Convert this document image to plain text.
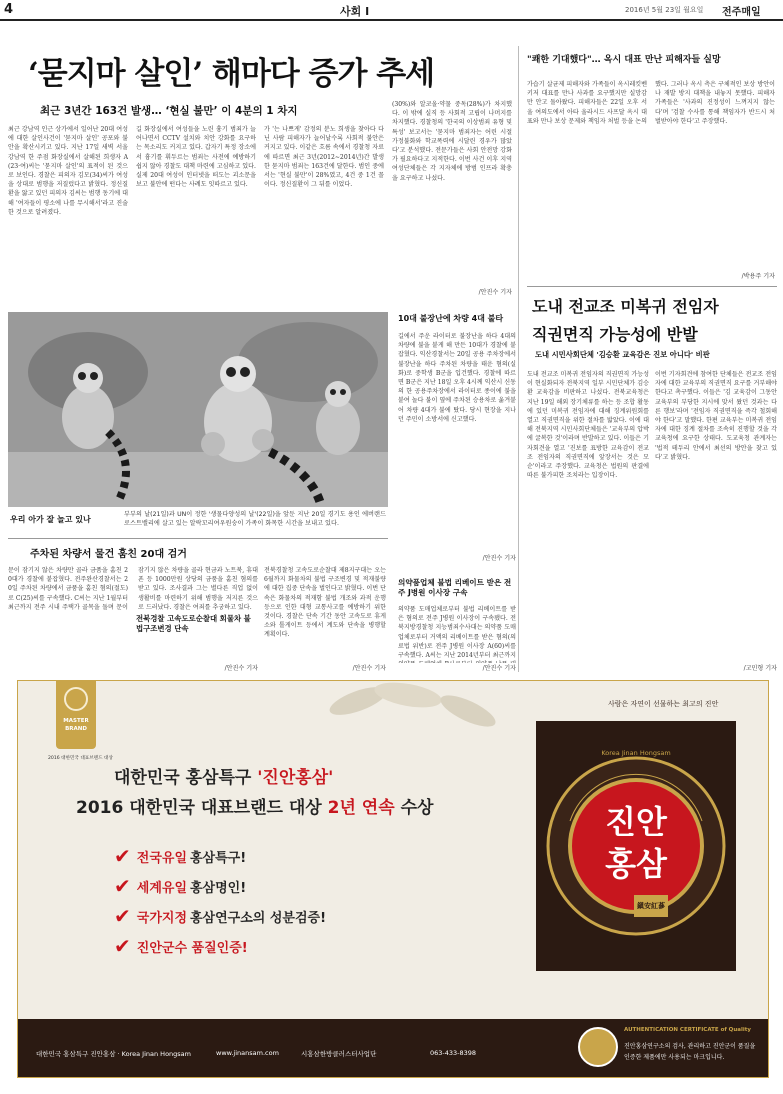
4	사회 I	2016년 5월 23일 월요일 전주매일
‘묻지마 살인’ 해마다 증가 추세
최근 3년간 163건 발생… ‘현실 불만’ 이 4분의 1 차지
최근 강남역 인근 상가에서 일어난 20대 여성에 대한 살인사건이 '묻지마 살인' 공포와 불안을 확산시키고 있다. 지난 17일 새벽 서울 강남역 한 주점 화장실에서 살해된 희생자 A(23·여)씨는 '묻지마 살인'의 표적이 된 것으로 보인다. 경찰은 피의자 김모(34)씨가 여성을 상대로 범행을 저질렀다고 밝혔다. 정신질환을 앓고 있던 피의자 김씨는 범행 동기에 대해 '여자들이 평소에 나를 무시해서'라고 진술한 것으로 알려졌다.
길 화장실에서 여성들을 노린 흉기 범죄가 늘어나면서 CCTV 설치와 치안 강화를 요구하는 목소리도 커지고 있다. 갑자기 특정 장소에서 흉기를 휘두르는 범죄는 사전에 예방하기 쉽지 않아 경찰도 대책 마련에 고심하고 있다. 실제 20대 여성이 인터넷을 떠도는 괴소문을 보고 불안에 떤다는 사례도 잇따르고 있다.
가 '는 나쁘게' 감정의 분노 희생을 찾아다 다닌 사람 피해자가 늘어날수록 사회적 불안은 커지고 있다. 이같은 흐름 속에서 경찰청 자료에 따르면 최근 3년(2012~2014년)간 발생한 묻지마 범죄는 163건에 달한다. 범인 중에서는 '현실 불만'이 28%였고, 4건 중 1건 꼴이다. 정신질환이 그 뒤를 이었다.
(30%)와 알코올·약물 중독(28%)가 차지했다. 이 밖에 실직 등 사회적 고립이 나머지를 차지했다. 경찰청의 '한국의 이상범죄 유형 및 특성' 보고서는 '묻지마 범죄자는 어린 시절 가정불화와 학교폭력에 시달린 경우가 많았다'고 분석했다. 전문가들은 사회 안전망 강화가 필요하다고 지적한다. 이번 사건 이후 지역 여성단체들은 각 지자체에 방범 인프라 확충을 요구하고 나섰다.
/안진수 기자
"쾌한 기대했다"… 옥시 대표 만난 피해자들 실망
가습기 살균제 피해자와 가족들이 옥시레킷벤키저 대표를 만나 사과를 요구했지만 실망감만 안고 돌아왔다. 피해자들은 22일 오후 서울 여의도에서 아타 울라시드 사프달 옥시 대표와 만나 보상 문제와 책임자 처벌 등을 논의했다. 그러나 옥시 측은 구체적인 보상 방안이나 재발 방지 대책을 내놓지 못했다. 피해자 가족들은 '사과의 진정성이 느껴지지 않는다'며 '검찰 수사를 통해 책임자가 반드시 처벌받아야 한다'고 주장했다.
/박용주 기자
우리 아가 잘 놀고 있나
부부의 날(21일)과 UN이 정한 '생물다양성의 날'(22일)을 앞둔 지난 20일 경기도 용인 에버랜드 로스트밸리에 살고 있는 알락꼬리여우원숭이 가족이 화목한 시간을 보내고 있다.
10대 불장난에 차량 4대 불타
길에서 주운 라이터로 불장난을 하다 4대의 차량에 불을 붙게 해 만든 10대가 경찰에 붙잡혔다. 익산경찰서는 20일 공용 주차장에서 불장난을 하다 주차된 차량을 태운 혐의(실화)로 중학생 B군을 입건했다. 경찰에 따르면 B군은 지난 18일 오후 4시께 익산시 신동의 한 공용주차장에서 라이터로 종이에 불을 붙여 놀다 불이 옆에 주차된 승용차로 옮겨붙어 차량 4대가 불에 탔다. 당시 현장을 지나던 주민이 소방서에 신고했다.
/안진수 기자
도내 전교조 미복귀 전임자
직권면직 가능성에 반발
도내 시민사회단체 '김승환 교육감은 진보 아니다' 비판
도내 전교조 미복귀 전임자의 직권면직 가능성이 현실화되자 전북지역 일부 시민단체가 김승환 교육감을 비판하고 나섰다. 전북교육청은 지난 19일 해외 장기체류를 하는 등 조합 활동에 있던 미복귀 전임자에 대해 징계위원회를 열고 직권면직을 위한 절차를 밟았다. 이에 대해 전북지역 시민사회단체들은 '교육부의 압박에 굴복한 것'이라며 반발하고 있다. 이들은 기자회견을 열고 '진보를 표방한 교육감이 전교조 전임자의 직권면직에 앞장서는 것은 모순'이라고 주장했다. 교육청은 법원의 판결에 따른 불가피한 조치라는 입장이다.
이번 기자회견에 참여한 단체들은 전교조 전임자에 대한 교육부의 직권면직 요구를 거부해야 한다고 촉구했다. 이들은 '김 교육감이 그동안 교육부의 부당한 지시에 맞서 왔던 것과는 다른 행보'라며 '전임자 직권면직을 즉각 철회해야 한다'고 말했다. 한편 교육부는 미복귀 전임자에 대한 징계 절차를 조속히 진행할 것을 각 교육청에 요구한 상태다. 도교육청 관계자는 '법적 테두리 안에서 최선의 방안을 찾고 있다'고 밝혔다.
/고민형 기자
주차된 차량서 물건 훔친 20대 검거
문이 잠기지 않은 차량만 골라 금품을 훔친 20대가 경찰에 붙잡혔다. 전주완산경찰서는 20일 주차된 차량에서 금품을 훔친 혐의(절도)로 C(25)씨를 구속했다. C씨는 지난 1월부터 최근까지 전주 시내 주택가 골목을 돌며 문이 잠기지 않은 차량을 골라 현금과 노트북, 휴대폰 등 1000만원 상당의 금품을 훔친 혐의를 받고 있다. 조사결과 그는 별다른 직업 없이 생활비를 마련하기 위해 범행을 저지른 것으로 드러났다. 경찰은 여죄를 추궁하고 있다.
/안진수 기자
전북경찰 고속도로순찰대 회물차 불법구조변경 단속
전북경찰청 고속도로순찰대 제8지구대는 오는 6월까지 화물차의 불법 구조변경 및 적재불량에 대한 집중 단속을 벌인다고 밝혔다. 이번 단속은 화물차의 적재함 불법 개조와 과적 운행 등으로 인한 대형 교통사고를 예방하기 위한 것이다. 경찰은 단속 기간 동안 고속도로 휴게소와 톨게이트 등에서 계도와 단속을 병행할 계획이다.
/안진수 기자
의약품업체 불법 리베이트 받은 전주 J병원 이사장 구속
의약품 도매업체로부터 불법 리베이트를 받은 혐의로 전주 J병원 이사장이 구속됐다. 전북지방경찰청 지능범죄수사대는 의약품 도매업체로부터 거액의 리베이트를 받은 혐의(의료법 위반)로 전주 J병원 이사장 A(60)씨를 구속했다. A씨는 지난 2014년부터 최근까지
/안진수 기자
MASTER BRAND
2016 대한민국 대표브랜드 대상
사람은 자연이 선물하는 최고의 진안
대한민국 홍삼특구 '진안홍삼'
2016 대한민국 대표브랜드 대상 2년 연속 수상
✔ 전국유일 홍삼특구!
✔ 세계유일 홍삼명인!
✔ 국가지정 홍삼연구소의 성분검증!
✔ 진안군수 품질인증!
Korea Jinan Hongsam
진안
홍삼
鎭安紅蔘
대한민국 홍삼특구 진안홍삼 · Korea Jinan Hongsam	www.jinansam.com	시홍삼한방클러스터사업단	063-433-8398
AUTHENTICATION CERTIFICATE of Quality
진안홍삼연구소의 검사, 관리하고 진안군이 품질을
인증한 제품에만 사용되는 마크입니다.
